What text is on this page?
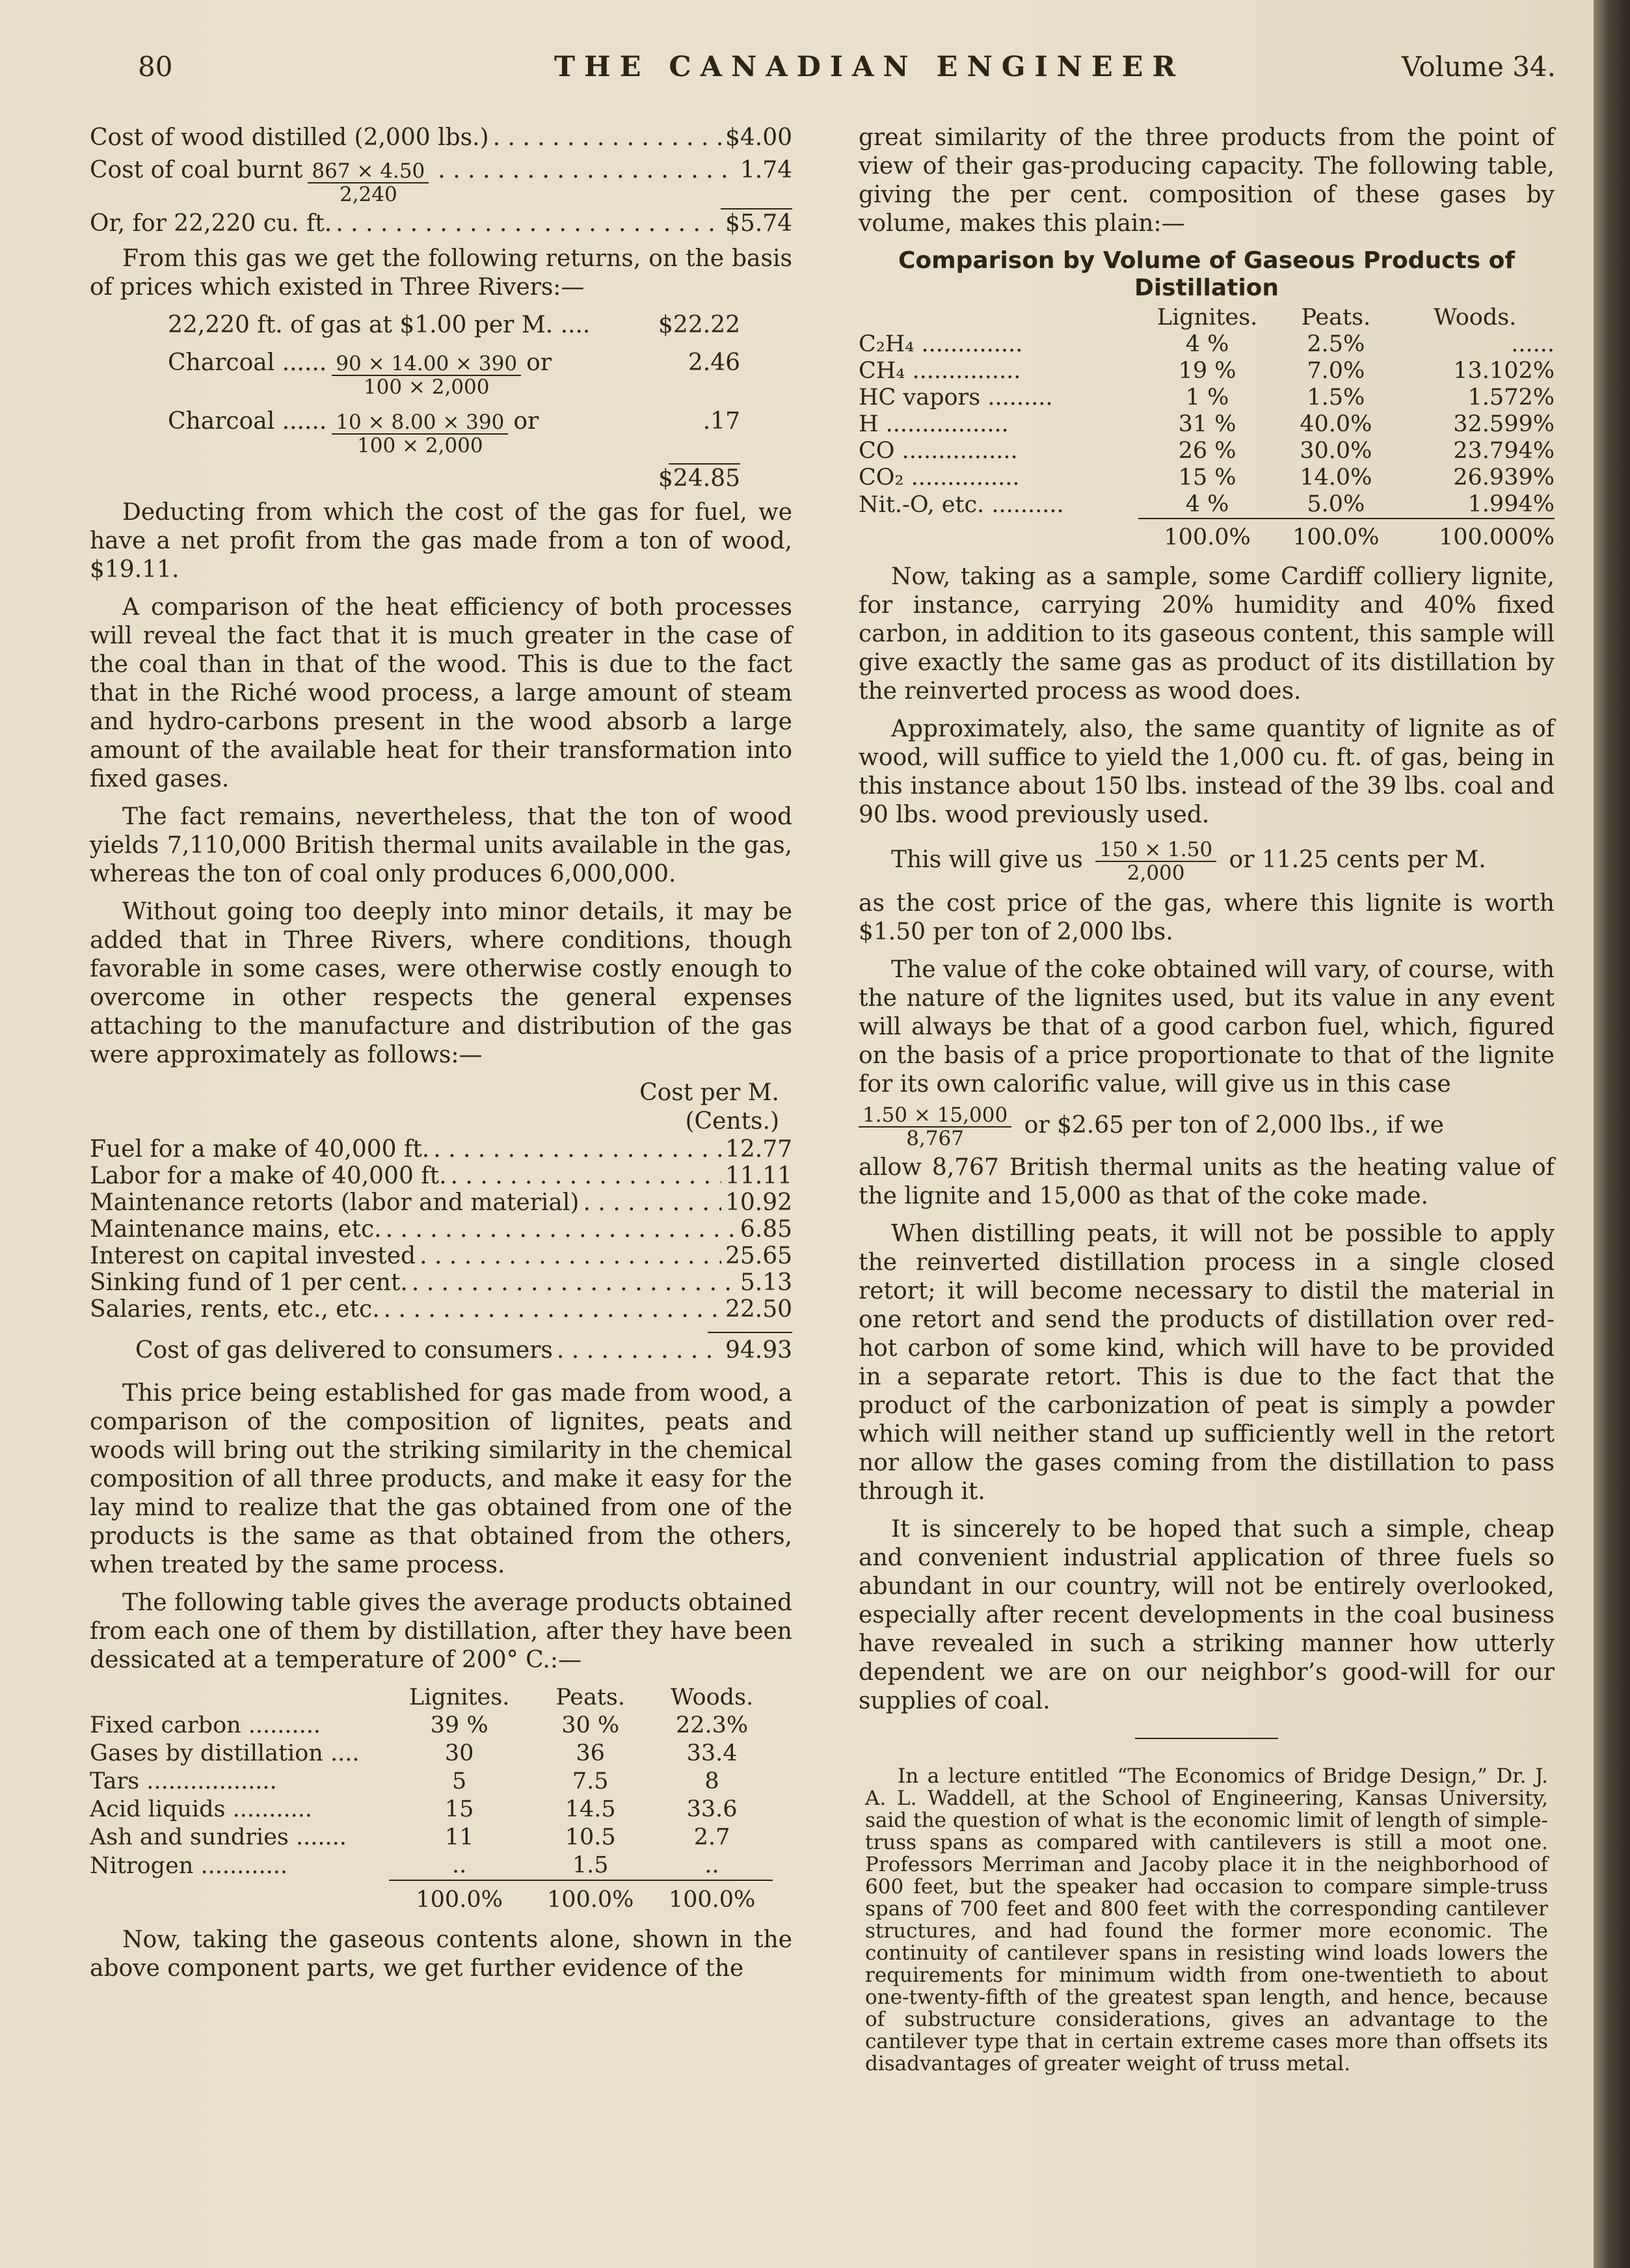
80	THE CANADIAN ENGINEER	Volume 34.
Cost of wood distilled (2,000 lbs.) . . .	$4.00
Cost of coal burnt $\frac{867 \times 4.50}{2,240}$ . . .	1.74
Or, for 22,220 cu. ft. . . .	$5.74

From this gas we get the following returns, on the basis of prices which existed in Three Rivers:—

22,220 ft. of gas at $1.00 per M. ....	$22.22
Charcoal ...... $\frac{90 \times 14.00 \times 390}{100 \times 2,000}$ or	2.46
Charcoal ...... $\frac{10 \times 8.00 \times 390}{100 \times 2,000}$ or	.17
$24.85

Deducting from which the cost of the gas for fuel, we have a net profit from the gas made from a ton of wood, $19.11.

A comparison of the heat efficiency of both processes will reveal the fact that it is much greater in the case of the coal than in that of the wood. This is due to the fact that in the Riché wood process, a large amount of steam and hydro-carbons present in the wood absorb a large amount of the available heat for their transformation into fixed gases.

The fact remains, nevertheless, that the ton of wood yields 7,110,000 British thermal units available in the gas, whereas the ton of coal only produces 6,000,000.

Without going too deeply into minor details, it may be added that in Three Rivers, where conditions, though favorable in some cases, were otherwise costly enough to overcome in other respects the general expenses attaching to the manufacture and distribution of the gas were approximately as follows:—

Cost per M.
(Cents.)
Fuel for a make of 40,000 ft. . . .	12.77
Labor for a make of 40,000 ft. . . .	11.11
Maintenance retorts (labor and material) . . .	10.92
Maintenance mains, etc. . . .	6.85
Interest on capital invested . . .	25.65
Sinking fund of 1 per cent. . . .	5.13
Salaries, rents, etc., etc. . . .	22.50
Cost of gas delivered to consumers . . .	94.93

This price being established for gas made from wood, a comparison of the composition of lignites, peats and woods will bring out the striking similarity in the chemical composition of all three products, and make it easy for the lay mind to realize that the gas obtained from one of the products is the same as that obtained from the others, when treated by the same process.

The following table gives the average products obtained from each one of them by distillation, after they have been dessicated at a temperature of 200° C.:—

	Lignites.	Peats.	Woods.
Fixed carbon ..........	39 %	30 %	22.3%
Gases by distillation ....	30	36	33.4
Tars ..................	5	7.5	8
Acid liquids ...........	15	14.5	33.6
Ash and sundries .......	11	10.5	2.7
Nitrogen ............	..	1.5	..
	100.0%	100.0%	100.0%

Now, taking the gaseous contents alone, shown in the above component parts, we get further evidence of the

great similarity of the three products from the point of view of their gas-producing capacity. The following table, giving the per cent. composition of these gases by volume, makes this plain:—

Comparison by Volume of Gaseous Products of Distillation
	Lignites.	Peats.	Woods.
C₂H₄ ..............	4 %	2.5%	......
CH₄ ...............	19 %	7.0%	13.102%
HC vapors .........	1 %	1.5%	1.572%
H .................	31 %	40.0%	32.599%
CO ................	26 %	30.0%	23.794%
CO₂ ...............	15 %	14.0%	26.939%
Nit.-O, etc. ..........	4 %	5.0%	1.994%
	100.0%	100.0%	100.000%

Now, taking as a sample, some Cardiff colliery lignite, for instance, carrying 20% humidity and 40% fixed carbon, in addition to its gaseous content, this sample will give exactly the same gas as product of its distillation by the reinverted process as wood does.

Approximately, also, the same quantity of lignite as of wood, will suffice to yield the 1,000 cu. ft. of gas, being in this instance about 150 lbs. instead of the 39 lbs. coal and 90 lbs. wood previously used.

This will give us $\frac{150 \times 1.50}{2,000}$ or 11.25 cents per M.

as the cost price of the gas, where this lignite is worth $1.50 per ton of 2,000 lbs.

The value of the coke obtained will vary, of course, with the nature of the lignites used, but its value in any event will always be that of a good carbon fuel, which, figured on the basis of a price proportionate to that of the lignite for its own calorific value, will give us in this case

$\frac{1.50 \times 15,000}{8,767}$ or $2.65 per ton of 2,000 lbs., if we

allow 8,767 British thermal units as the heating value of the lignite and 15,000 as that of the coke made.

When distilling peats, it will not be possible to apply the reinverted distillation process in a single closed retort; it will become necessary to distil the material in one retort and send the products of distillation over red-hot carbon of some kind, which will have to be provided in a separate retort. This is due to the fact that the product of the carbonization of peat is simply a powder which will neither stand up sufficiently well in the retort nor allow the gases coming from the distillation to pass through it.

It is sincerely to be hoped that such a simple, cheap and convenient industrial application of three fuels so abundant in our country, will not be entirely overlooked, especially after recent developments in the coal business have revealed in such a striking manner how utterly dependent we are on our neighbor’s good-will for our supplies of coal.

In a lecture entitled “The Economics of Bridge Design,” Dr. J. A. L. Waddell, at the School of Engineering, Kansas University, said the question of what is the economic limit of length of simple-truss spans as compared with cantilevers is still a moot one. Professors Merriman and Jacoby place it in the neighborhood of 600 feet, but the speaker had occasion to compare simple-truss spans of 700 feet and 800 feet with the corresponding cantilever structures, and had found the former more economic. The continuity of cantilever spans in resisting wind loads lowers the requirements for minimum width from one-twentieth to about one-twenty-fifth of the greatest span length, and hence, because of substructure considerations, gives an advantage to the cantilever type that in certain extreme cases more than offsets its disadvantages of greater weight of truss metal.
